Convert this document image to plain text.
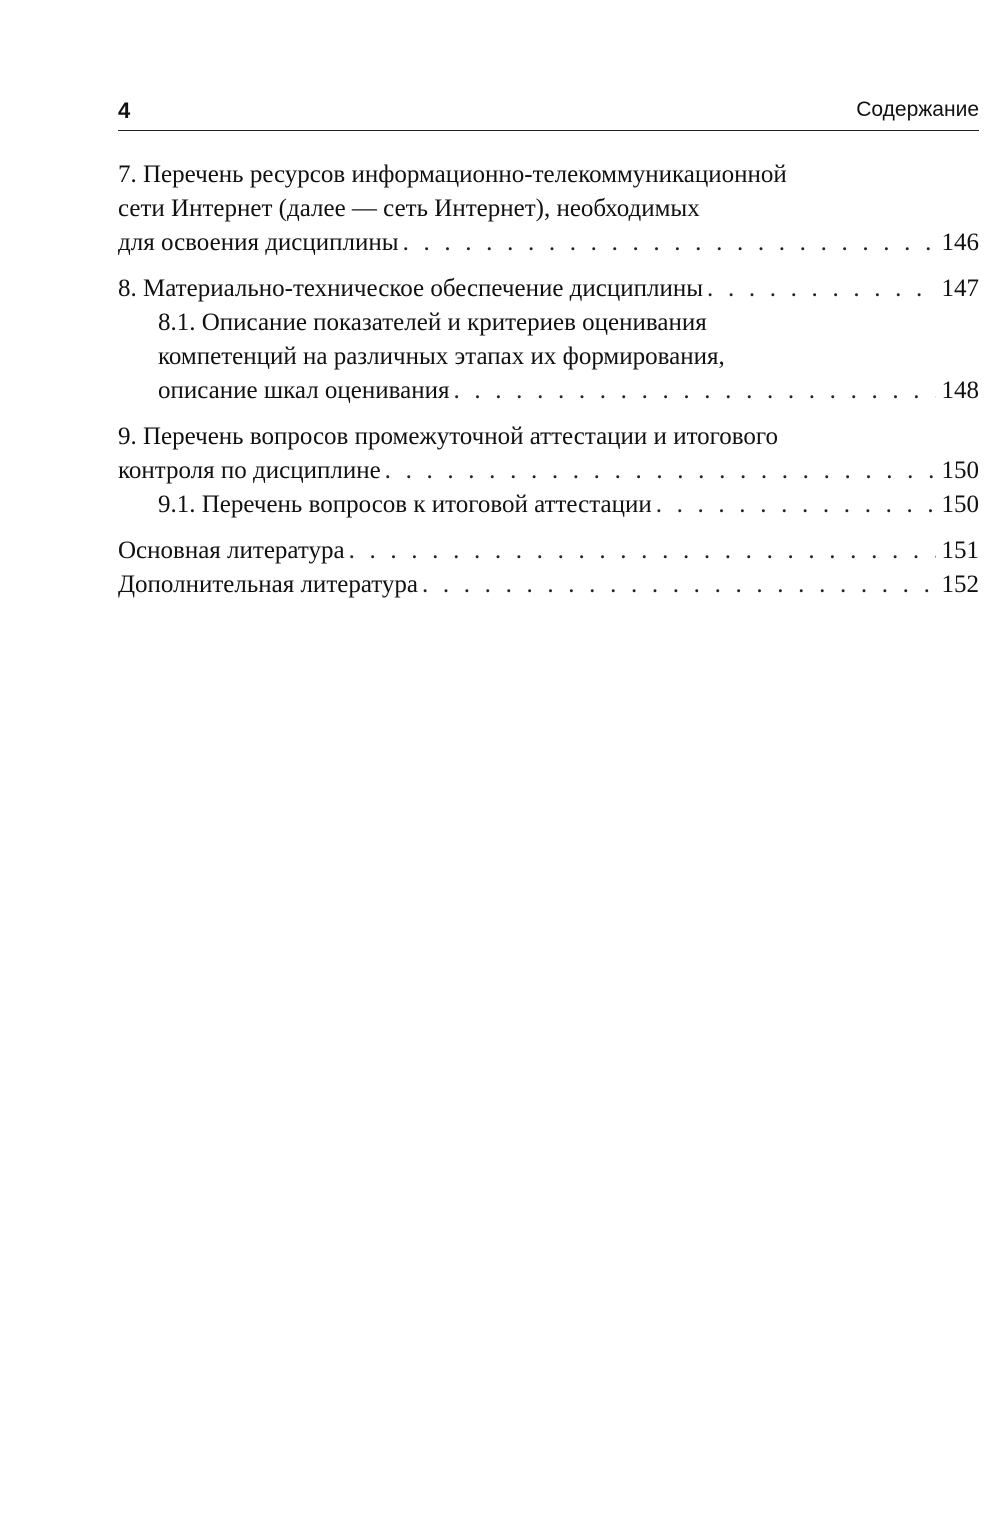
4	Содержание
7. Перечень ресурсов информационно-телекоммуникационной
сети Интернет (далее — сеть Интернет), необходимых
для освоения дисциплины . . .	146
8. Материально-техническое обеспечение дисциплины . . .	147
8.1. Описание показателей и критериев оценивания
компетенций на различных этапах их формирования,
описание шкал оценивания . . .	148
9. Перечень вопросов промежуточной аттестации и итогового
контроля по дисциплине . . .	150
9.1. Перечень вопросов к итоговой аттестации . . .	150
Основная литература . . .	151
Дополнительная литература . . .	152
